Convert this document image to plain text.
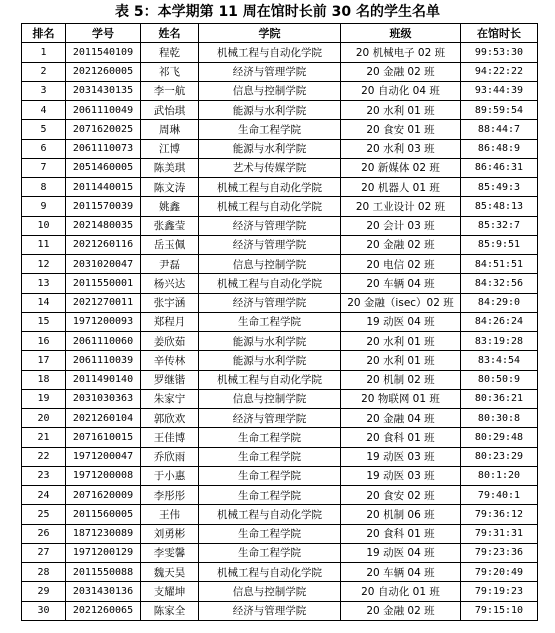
表 5：本学期第 11 周在馆时长前 30 名的学生名单
排名	学号	姓名	学院	班级	在馆时长
1	2011540109	程乾	机械工程与自动化学院	20 机械电子 02 班	99:53:30
2	2021260005	祁飞	经济与管理学院	20 金融 02 班	94:22:22
3	2031430135	李一航	信息与控制学院	20 自动化 04 班	93:44:39
4	2061110049	武怡琪	能源与水利学院	20 水利 01 班	89:59:54
5	2071620025	周琳	生命工程学院	20 食安 01 班	88:44:7
6	2061110073	江博	能源与水利学院	20 水利 03 班	86:48:9
7	2051460005	陈美琪	艺术与传媒学院	20 新媒体 02 班	86:46:31
8	2011440015	陈文涛	机械工程与自动化学院	20 机器人 01 班	85:49:3
9	2011570039	姚鑫	机械工程与自动化学院	20 工业设计 02 班	85:48:13
10	2021480035	张鑫莹	经济与管理学院	20 会计 03 班	85:32:7
11	2021260116	岳玉佩	经济与管理学院	20 金融 02 班	85:9:51
12	2031020047	尹磊	信息与控制学院	20 电信 02 班	84:51:51
13	2011550001	杨兴达	机械工程与自动化学院	20 车辆 04 班	84:32:56
14	2021270011	张宇涵	经济与管理学院	20 金融（isec）02 班	84:29:0
15	1971200093	郑程月	生命工程学院	19 动医 04 班	84:26:24
16	2061110060	姜欣茹	能源与水利学院	20 水利 01 班	83:19:28
17	2061110039	辛传林	能源与水利学院	20 水利 01 班	83:4:54
18	2011490140	罗继锴	机械工程与自动化学院	20 机制 02 班	80:50:9
19	2031030363	朱家宁	信息与控制学院	20 物联网 01 班	80:36:21
20	2021260104	郭欣欢	经济与管理学院	20 金融 04 班	80:30:8
21	2071610015	王佳博	生命工程学院	20 食科 01 班	80:29:48
22	1971200047	乔欣雨	生命工程学院	19 动医 03 班	80:23:29
23	1971200008	于小惠	生命工程学院	19 动医 03 班	80:1:20
24	2071620009	李彤彤	生命工程学院	20 食安 02 班	79:40:1
25	2011560005	王伟	机械工程与自动化学院	20 机制 06 班	79:36:12
26	1871230089	刘勇彬	生命工程学院	20 食科 01 班	79:31:31
27	1971200129	李雯馨	生命工程学院	19 动医 04 班	79:23:36
28	2011550088	魏天昊	机械工程与自动化学院	20 车辆 04 班	79:20:49
29	2031430136	支耀坤	信息与控制学院	20 自动化 01 班	79:19:23
30	2021260065	陈家全	经济与管理学院	20 金融 02 班	79:15:10
